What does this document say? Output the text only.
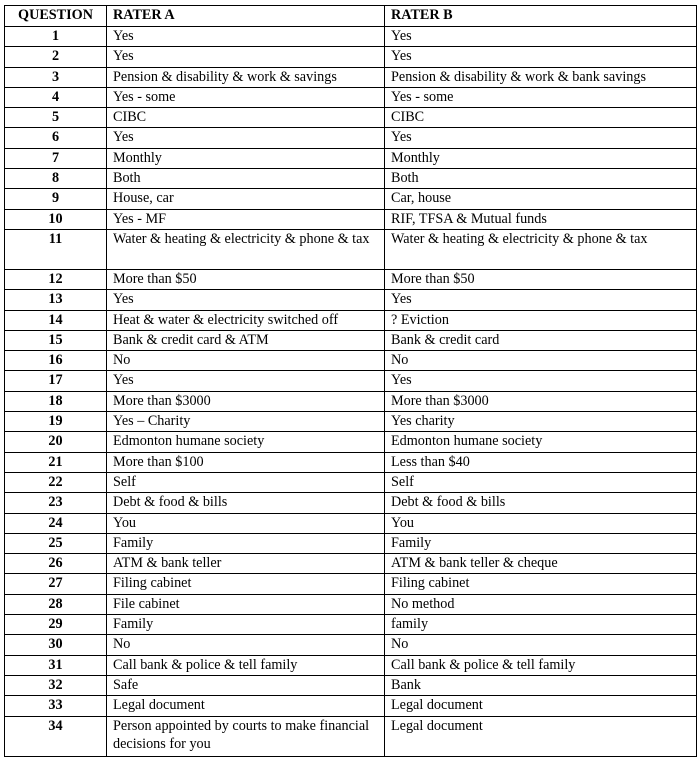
QUESTION	RATER A	RATER B
1	Yes	Yes
2	Yes	Yes
3	Pension & disability & work & savings	Pension & disability & work & bank savings
4	Yes - some	Yes - some
5	CIBC	CIBC
6	Yes	Yes
7	Monthly	Monthly
8	Both	Both
9	House, car	Car, house
10	Yes - MF	RIF, TFSA & Mutual funds
11	Water & heating & electricity & phone & tax	Water & heating & electricity & phone & tax
12	More than $50	More than $50
13	Yes	Yes
14	Heat & water & electricity switched off	? Eviction
15	Bank & credit card & ATM	Bank & credit card
16	No	No
17	Yes	Yes
18	More than $3000	More than $3000
19	Yes – Charity	Yes charity
20	Edmonton humane society	Edmonton humane society
21	More than $100	Less than $40
22	Self	Self
23	Debt & food & bills	Debt & food & bills
24	You	You
25	Family	Family
26	ATM & bank teller	ATM & bank teller & cheque
27	Filing cabinet	Filing cabinet
28	File cabinet	No method
29	Family	family
30	No	No
31	Call bank & police & tell family	Call bank & police & tell family
32	Safe	Bank
33	Legal document	Legal document
34	Person appointed by courts to make financial decisions for you	Legal document
